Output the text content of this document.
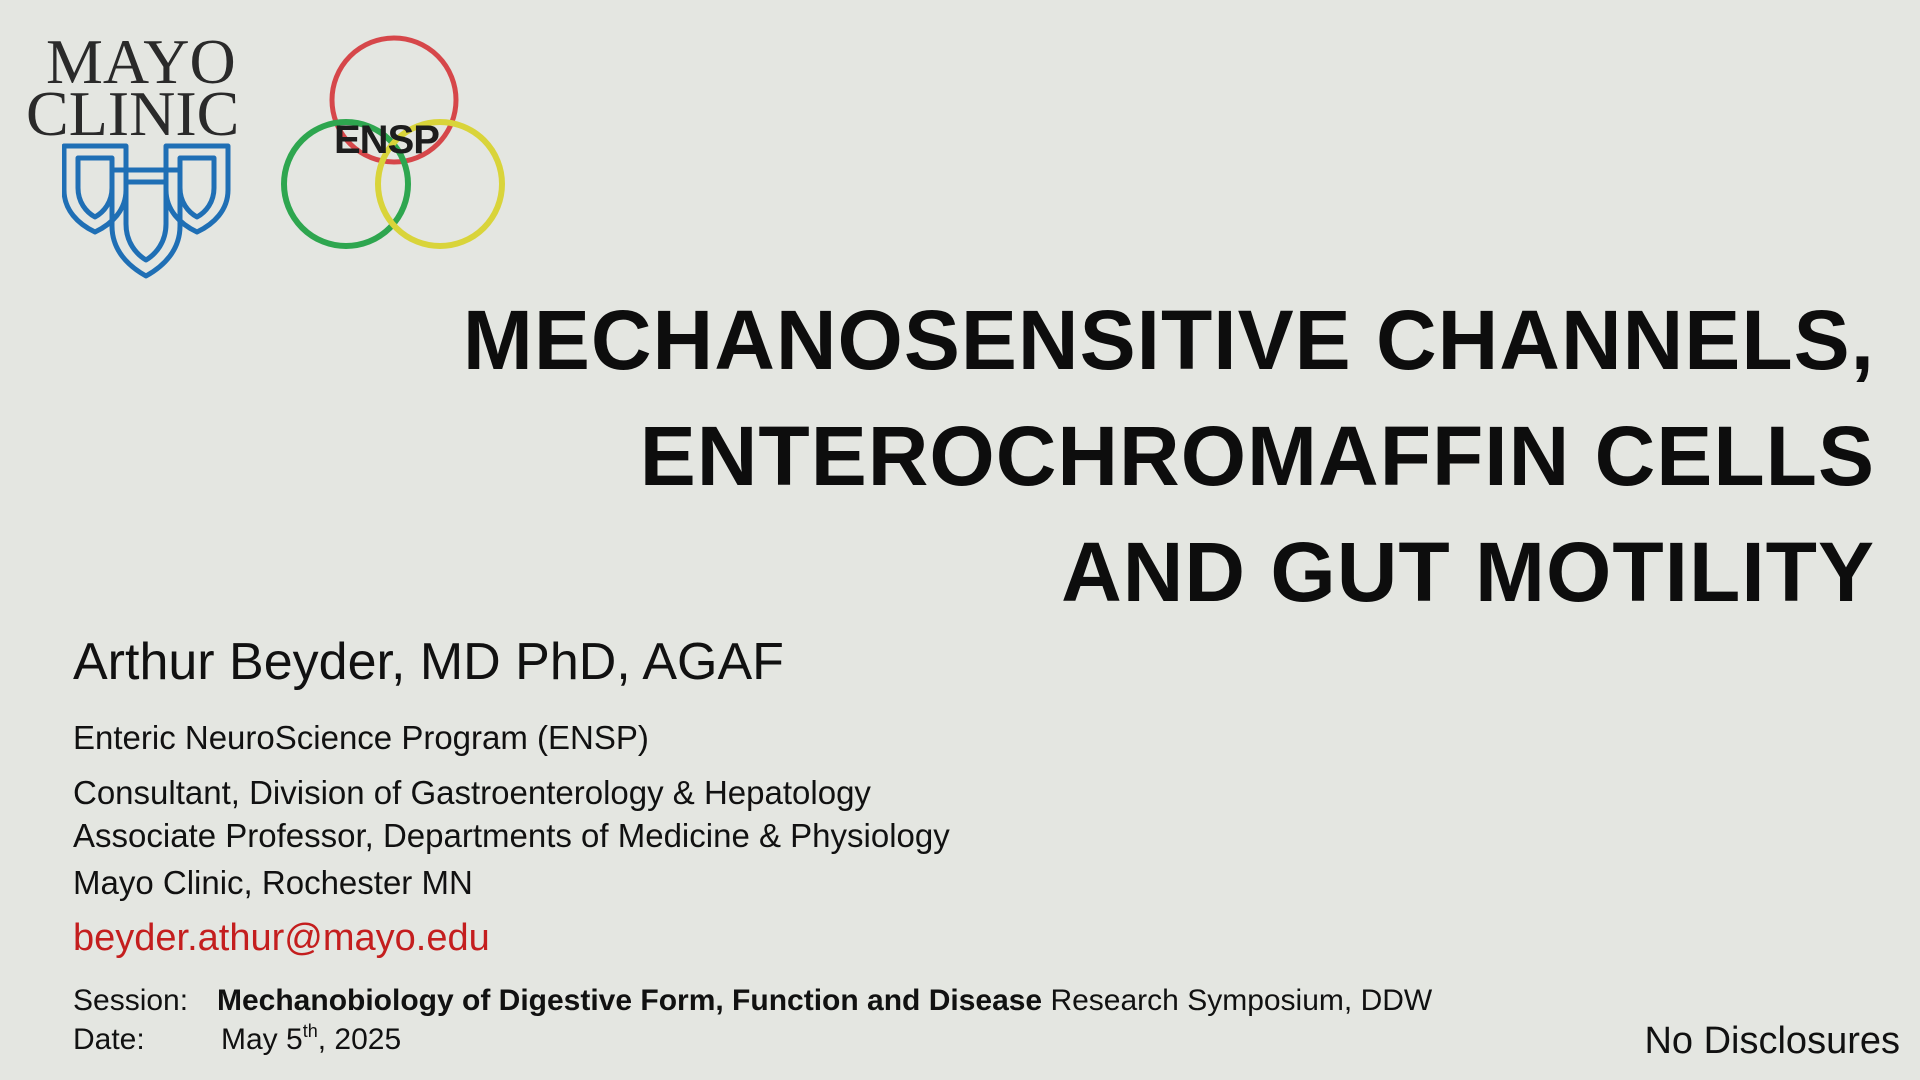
MAYO
CLINIC ENSP
MECHANOSENSITIVE CHANNELS,
ENTEROCHROMAFFIN CELLS
AND GUT MOTILITY
Arthur Beyder, MD PhD, AGAF
Enteric NeuroScience Program (ENSP)
Consultant, Division of Gastroenterology & Hepatology
Associate Professor, Departments of Medicine & Physiology
Mayo Clinic, Rochester MN
beyder.athur@mayo.edu
Session: Mechanobiology of Digestive Form, Function and Disease Research Symposium, DDW
Date:	May 5th, 2025	No Disclosures
